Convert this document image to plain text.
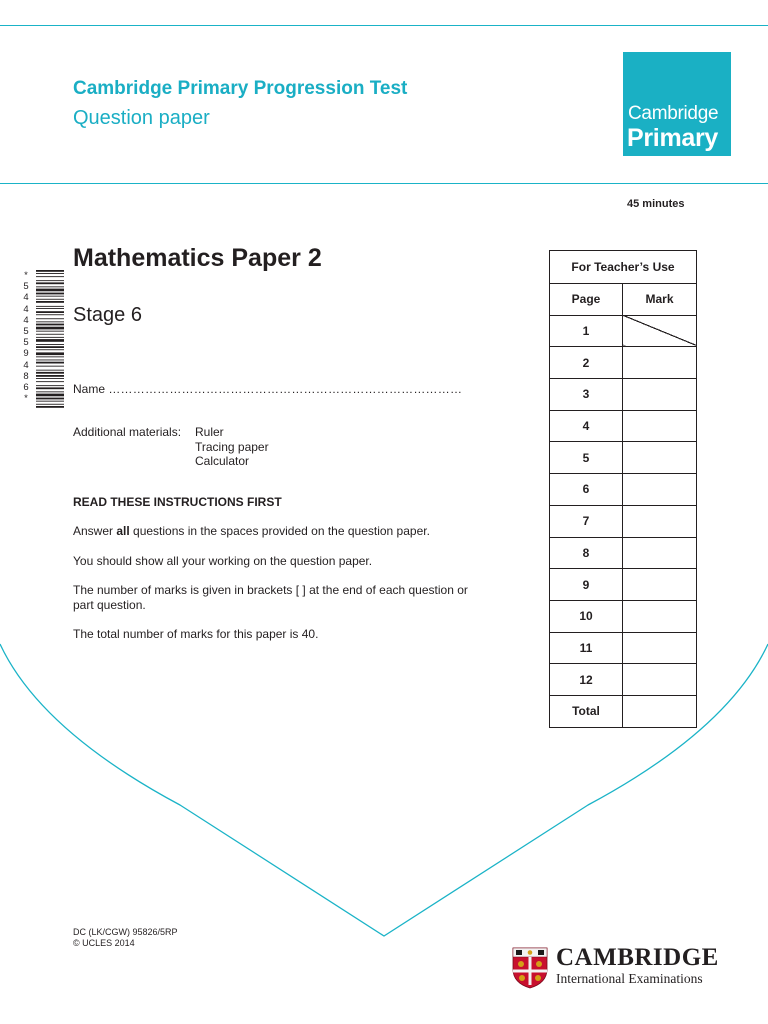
Cambridge Primary Progression Test
Question paper	Cambridge
Primary
45 minutes
*
5
4
4
4
5
5
9
4
8
6
*
Mathematics Paper 2
Stage 6
Name ……………………………………………………………………………
Additional materials: Ruler
Tracing paper
Calculator
READ THESE INSTRUCTIONS FIRST
Answer all questions in the spaces provided on the question paper.
You should show all your working on the question paper.
The number of marks is given in brackets [ ] at the end of each question or part question.
The total number of marks for this paper is 40.
For Teacher’s Use	
Page	Mark
1	
2	
3	
4	
5	
6	
7	
8	
9	
10	
11	
12	
Total	
DC (LK/CGW) 95826/5RP
© UCLES 2014
CAMBRIDGE
International Examinations
